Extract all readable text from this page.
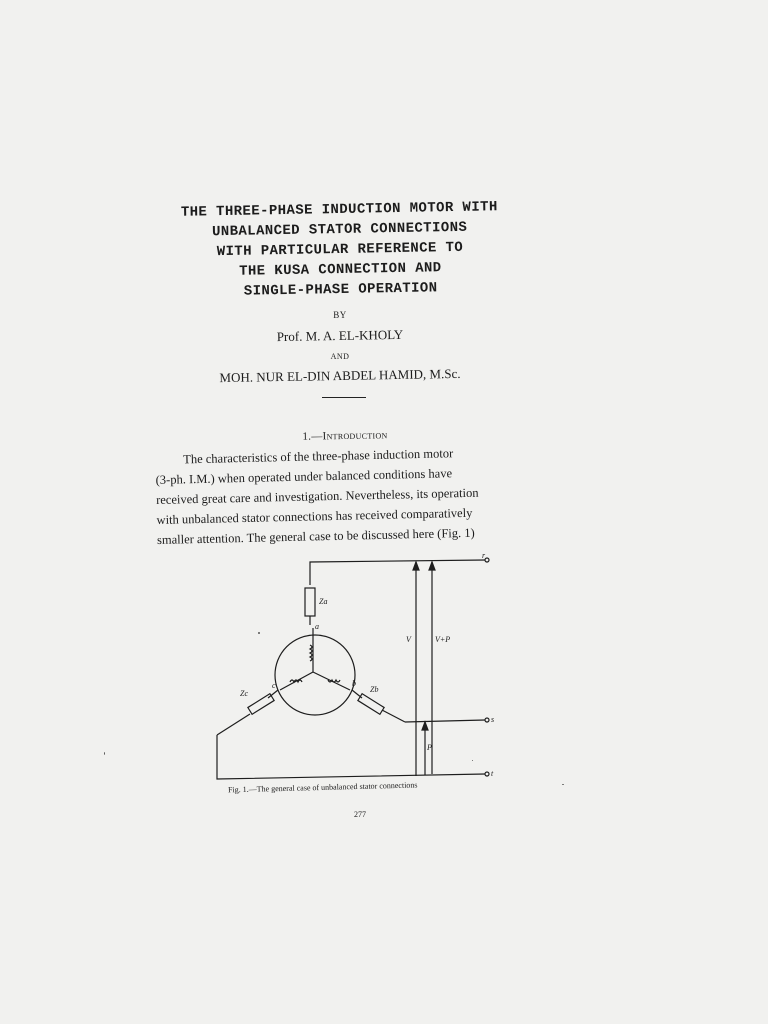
THE THREE-PHASE INDUCTION MOTOR WITH
UNBALANCED STATOR CONNECTIONS
WITH PARTICULAR REFERENCE TO
THE KUSA CONNECTION AND
SINGLE-PHASE OPERATION
BY
Prof. M. A. EL-KHOLY
AND
MOH. NUR EL-DIN ABDEL HAMID, M.Sc.
1.—Introduction
The characteristics of the three-phase induction motor
(3-ph. I.M.) when operated under balanced conditions have
received great care and investigation. Nevertheless, its operation
with unbalanced stator connections has received comparatively
smaller attention. The general case to be discussed here (Fig. 1)
Za
a
Zc
c	b
Zb
V	V+P
P
r
s
t
Fig. 1.—The general case of unbalanced stator connections
277
